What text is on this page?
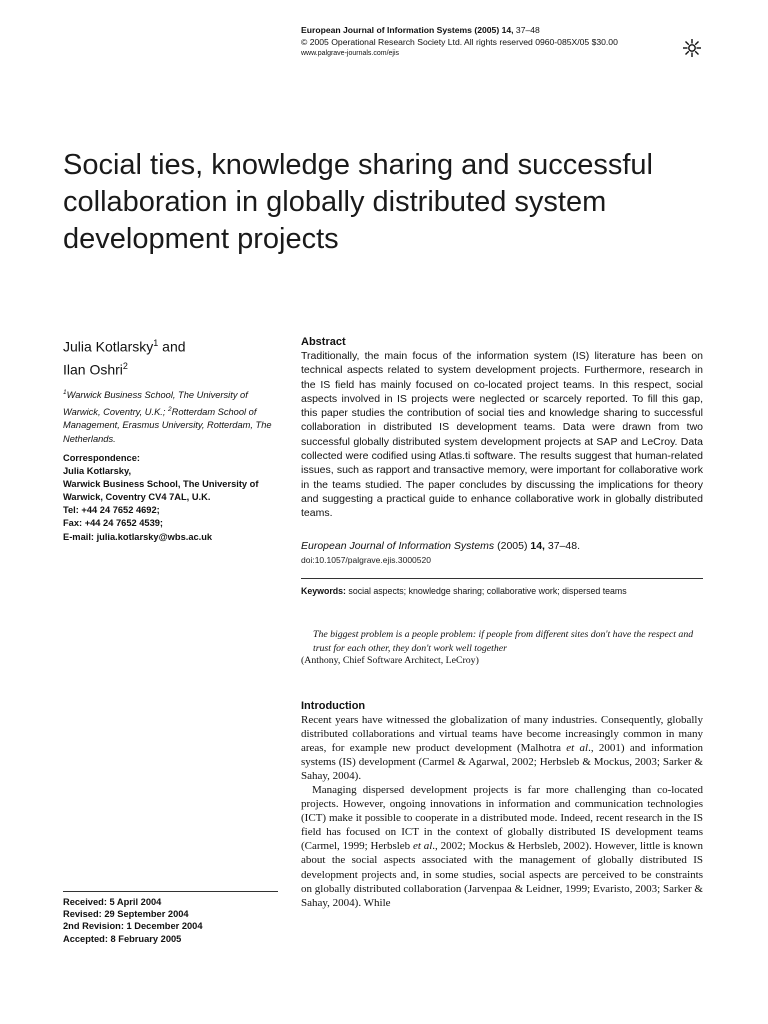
European Journal of Information Systems (2005) 14, 37–48
© 2005 Operational Research Society Ltd. All rights reserved 0960-085X/05 $30.00
www.palgrave-journals.com/ejis
Social ties, knowledge sharing and successful collaboration in globally distributed system development projects
Julia Kotlarsky$^1$ and
Ilan Oshri$^2$
$^1$Warwick Business School, The University of Warwick, Coventry, U.K.; $^2$Rotterdam School of Management, Erasmus University, Rotterdam, The Netherlands.
Correspondence:
Julia Kotlarsky,
Warwick Business School, The University of
Warwick, Coventry CV4 7AL, U.K.
Tel: +44 24 7652 4692;
Fax: +44 24 7652 4539;
E-mail: julia.kotlarsky@wbs.ac.uk
Abstract
Traditionally, the main focus of the information system (IS) literature has been on technical aspects related to system development projects. Furthermore, research in the IS field has mainly focused on co-located project teams. In this respect, social aspects involved in IS projects were neglected or scarcely reported. To fill this gap, this paper studies the contribution of social ties and knowledge sharing to successful collaboration in distributed IS development teams. Data were drawn from two successful globally distributed system development projects at SAP and LeCroy. Data collected were codified using Atlas.ti software. The results suggest that human-related issues, such as rapport and transactive memory, were important for collaborative work in the teams studied. The paper concludes by discussing the implications for theory and suggesting a practical guide to enhance collaborative work in globally distributed teams.
European Journal of Information Systems (2005) 14, 37–48.
doi:10.1057/palgrave.ejis.3000520
Keywords: social aspects; knowledge sharing; collaborative work; dispersed teams
The biggest problem is a people problem: if people from different sites don't have the respect and trust for each other, they don't work well together
(Anthony, Chief Software Architect, LeCroy)
Introduction

Recent years have witnessed the globalization of many industries. Consequently, globally distributed collaborations and virtual teams have become increasingly common in many areas, for example new product development (Malhotra et al., 2001) and information systems (IS) development (Carmel & Agarwal, 2002; Herbsleb & Mockus, 2003; Sarker & Sahay, 2004).

Managing dispersed development projects is far more challenging than co-located projects. However, ongoing innovations in information and communication technologies (ICT) make it possible to cooperate in a distributed mode. Indeed, recent research in the IS field has focused on ICT in the context of globally distributed IS development teams (Carmel, 1999; Herbsleb et al., 2002; Mockus & Herbsleb, 2002). However, little is known about the social aspects associated with the management of globally distributed IS development projects and, in some studies, social aspects are perceived to be constraints on globally distributed collaboration (Jarvenpaa & Leidner, 1999; Evaristo, 2003; Sarker & Sahay, 2004). While

Received: 5 April 2004
Revised: 29 September 2004
2nd Revision: 1 December 2004
Accepted: 8 February 2005
